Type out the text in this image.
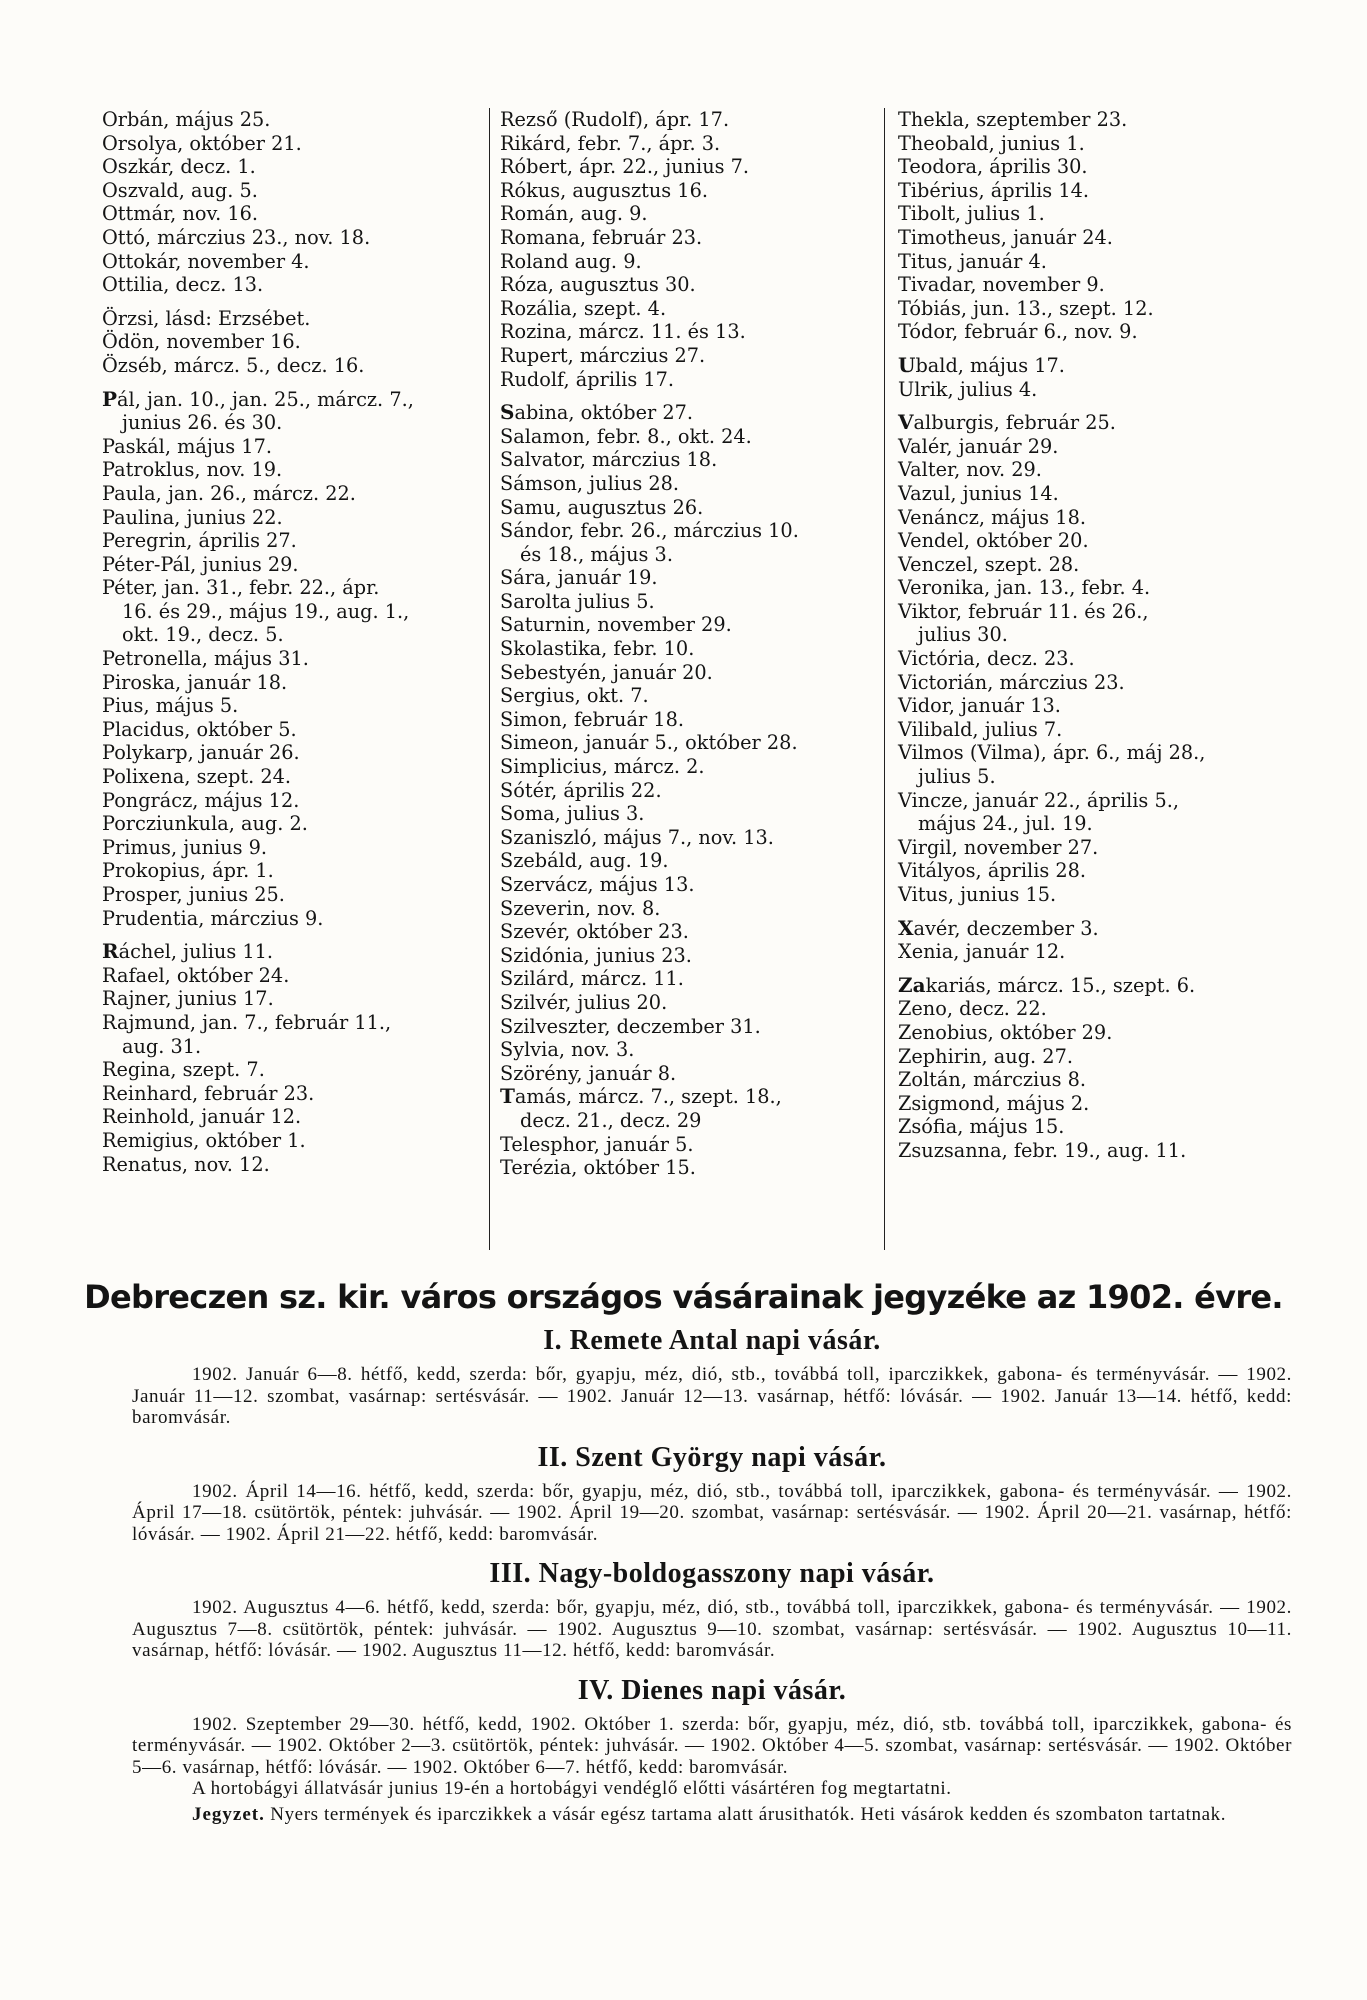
Orbán, május 25.
Orsolya, október 21.
Oszkár, decz. 1.
Oszvald, aug. 5.
Ottmár, nov. 16.
Ottó, márczius 23., nov. 18.
Ottokár, november 4.
Ottilia, decz. 13.
Örzsi, lásd: Erzsébet.
Ödön, november 16.
Özséb, márcz. 5., decz. 16.
Pál, jan. 10., jan. 25., márcz. 7.,
junius 26. és 30.
Paskál, május 17.
Patroklus, nov. 19.
Paula, jan. 26., márcz. 22.
Paulina, junius 22.
Peregrin, április 27.
Péter-Pál, junius 29.
Péter, jan. 31., febr. 22., ápr.
16. és 29., május 19., aug. 1.,
okt. 19., decz. 5.
Petronella, május 31.
Piroska, január 18.
Pius, május 5.
Placidus, október 5.
Polykarp, január 26.
Polixena, szept. 24.
Pongrácz, május 12.
Porcziunkula, aug. 2.
Primus, junius 9.
Prokopius, ápr. 1.
Prosper, junius 25.
Prudentia, márczius 9.
Ráchel, julius 11.
Rafael, október 24.
Rajner, junius 17.
Rajmund, jan. 7., február 11.,
aug. 31.
Regina, szept. 7.
Reinhard, február 23.
Reinhold, január 12.
Remigius, október 1.
Renatus, nov. 12.
Rezső (Rudolf), ápr. 17.
Rikárd, febr. 7., ápr. 3.
Róbert, ápr. 22., junius 7.
Rókus, augusztus 16.
Román, aug. 9.
Romana, február 23.
Roland aug. 9.
Róza, augusztus 30.
Rozália, szept. 4.
Rozina, márcz. 11. és 13.
Rupert, márczius 27.
Rudolf, április 17.
Sabina, október 27.
Salamon, febr. 8., okt. 24.
Salvator, márczius 18.
Sámson, julius 28.
Samu, augusztus 26.
Sándor, febr. 26., márczius 10.
és 18., május 3.
Sára, január 19.
Sarolta julius 5.
Saturnin, november 29.
Skolastika, febr. 10.
Sebestyén, január 20.
Sergius, okt. 7.
Simon, február 18.
Simeon, január 5., október 28.
Simplicius, márcz. 2.
Sótér, április 22.
Soma, julius 3.
Szaniszló, május 7., nov. 13.
Szebáld, aug. 19.
Szervácz, május 13.
Szeverin, nov. 8.
Szevér, október 23.
Szidónia, junius 23.
Szilárd, márcz. 11.
Szilvér, julius 20.
Szilveszter, deczember 31.
Sylvia, nov. 3.
Szörény, január 8.
Tamás, márcz. 7., szept. 18.,
decz. 21., decz. 29
Telesphor, január 5.
Terézia, október 15.
Thekla, szeptember 23.
Theobald, junius 1.
Teodora, április 30.
Tibérius, április 14.
Tibolt, julius 1.
Timotheus, január 24.
Titus, január 4.
Tivadar, november 9.
Tóbiás, jun. 13., szept. 12.
Tódor, február 6., nov. 9.
Ubald, május 17.
Ulrik, julius 4.
Valburgis, február 25.
Valér, január 29.
Valter, nov. 29.
Vazul, junius 14.
Venáncz, május 18.
Vendel, október 20.
Venczel, szept. 28.
Veronika, jan. 13., febr. 4.
Viktor, február 11. és 26.,
julius 30.
Victória, decz. 23.
Victorián, márczius 23.
Vidor, január 13.
Vilibald, julius 7.
Vilmos (Vilma), ápr. 6., máj 28.,
julius 5.
Vincze, január 22., április 5.,
május 24., jul. 19.
Virgil, november 27.
Vitályos, április 28.
Vitus, junius 15.
Xavér, deczember 3.
Xenia, január 12.
Zakariás, márcz. 15., szept. 6.
Zeno, decz. 22.
Zenobius, október 29.
Zephirin, aug. 27.
Zoltán, márczius 8.
Zsigmond, május 2.
Zsófia, május 15.
Zsuzsanna, febr. 19., aug. 11.
Debreczen sz. kir. város országos vásárainak jegyzéke az 1902. évre.
I. Remete Antal napi vásár.
1902. Január 6—8. hétfő, kedd, szerda: bőr, gyapju, méz, dió, stb., továbbá toll, iparczikkek, gabona- és terményvásár. — 1902. Január 11—12. szombat, vasárnap: sertésvásár. — 1902. Január 12—13. vasárnap, hétfő: lóvásár. — 1902. Január 13—14. hétfő, kedd: baromvásár.
II. Szent György napi vásár.
1902. Ápril 14—16. hétfő, kedd, szerda: bőr, gyapju, méz, dió, stb., továbbá toll, iparczikkek, gabona- és terményvásár. — 1902. Ápril 17—18. csütörtök, péntek: juhvásár. — 1902. Ápril 19—20. szombat, vasárnap: sertésvásár. — 1902. Ápril 20—21. vasárnap, hétfő: lóvásár. — 1902. Ápril 21—22. hétfő, kedd: baromvásár.
III. Nagy-boldogasszony napi vásár.
1902. Augusztus 4—6. hétfő, kedd, szerda: bőr, gyapju, méz, dió, stb., továbbá toll, iparczikkek, gabona- és terményvásár. — 1902. Augusztus 7—8. csütörtök, péntek: juhvásár. — 1902. Augusztus 9—10. szombat, vasárnap: sertésvásár. — 1902. Augusztus 10—11. vasárnap, hétfő: lóvásár. — 1902. Augusztus 11—12. hétfő, kedd: baromvásár.
IV. Dienes napi vásár.
1902. Szeptember 29—30. hétfő, kedd, 1902. Október 1. szerda: bőr, gyapju, méz, dió, stb. továbbá toll, iparczikkek, gabona- és terményvásár. — 1902. Október 2—3. csütörtök, péntek: juhvásár. — 1902. Október 4—5. szombat, vasárnap: sertésvásár. — 1902. Október 5—6. vasárnap, hétfő: lóvásár. — 1902. Október 6—7. hétfő, kedd: baromvásár.
A hortobágyi állatvásár junius 19-én a hortobágyi vendéglő előtti vásártéren fog megtartatni.
Jegyzet. Nyers termények és iparczikkek a vásár egész tartama alatt árusithatók. Heti vásárok kedden és szombaton tartatnak.
